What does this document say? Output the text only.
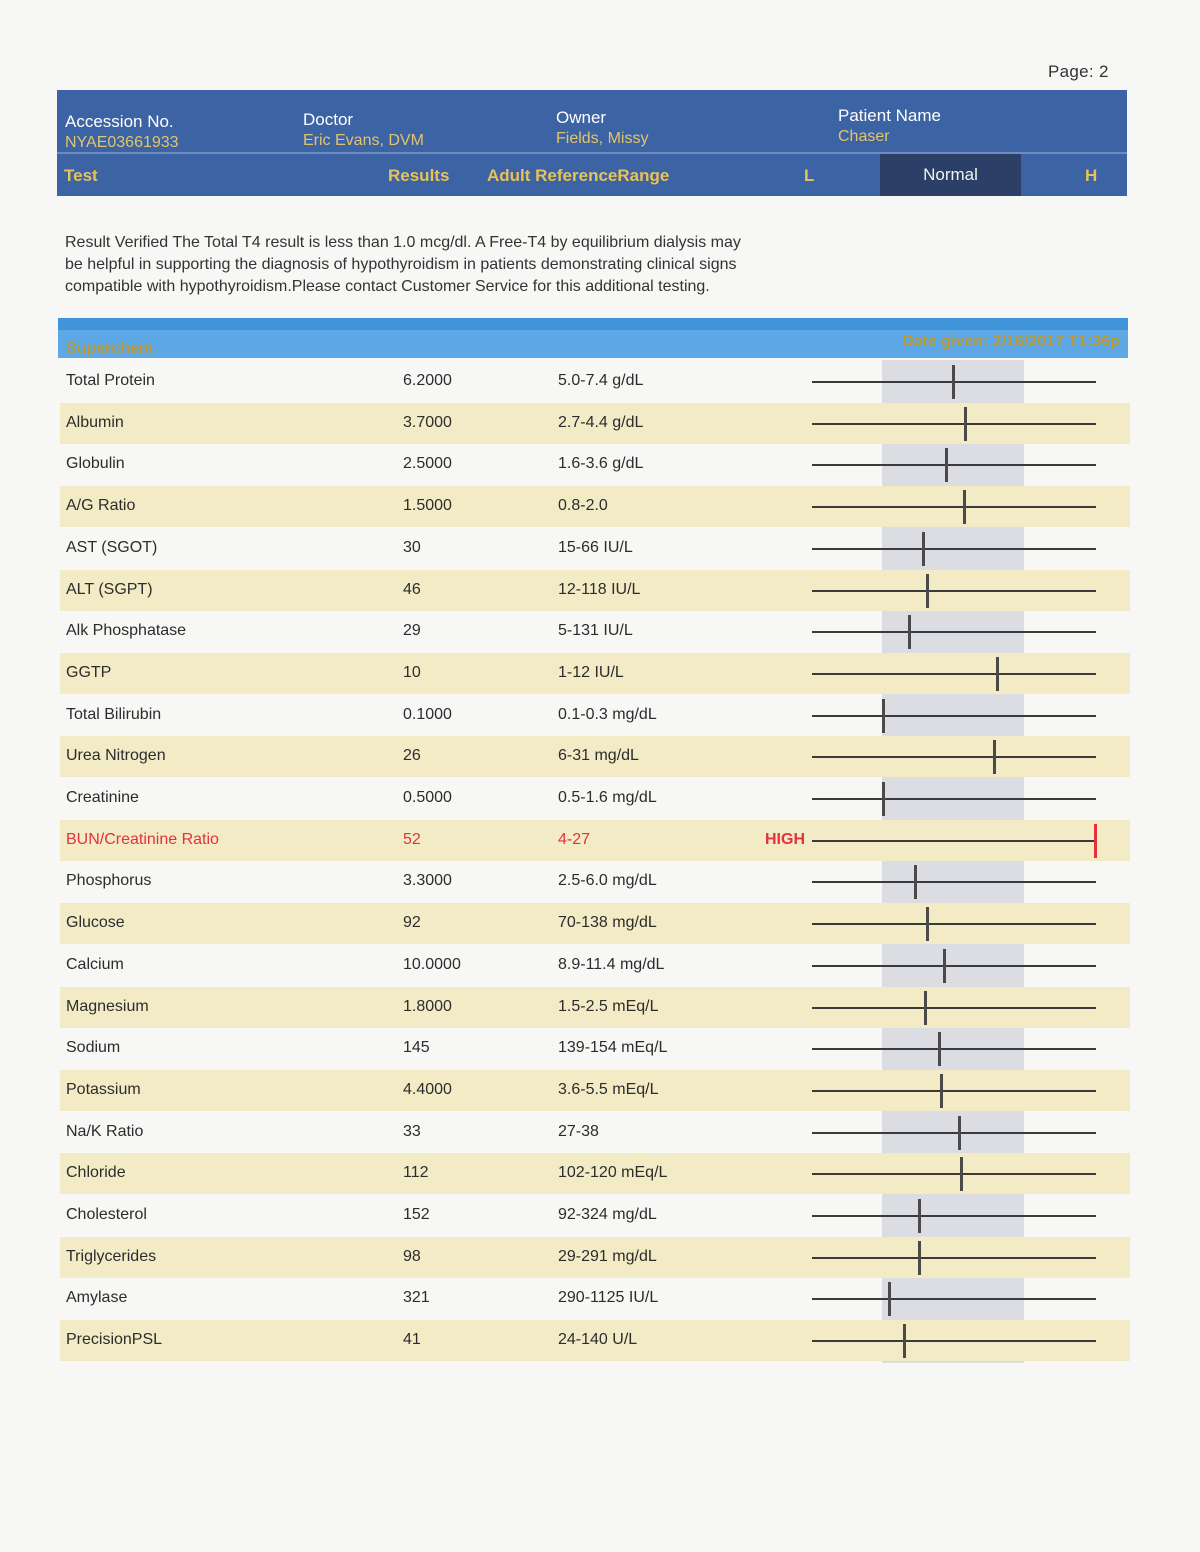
Page: 2
Accession No.
NYAE03661933
Doctor
Eric Evans, DVM
Owner
Fields, Missy
Patient Name
Chaser
Test	Results Adult ReferenceRange	L	Normal	H
Result Verified The Total T4 result is less than 1.0 mcg/dl. A Free-T4 by equilibrium dialysis may be helpful in supporting the diagnosis of hypothyroidism in patients demonstrating clinical signs compatible with hypothyroidism.Please contact Customer Service for this additional testing.
Superchem	Date given: 2/16/2017 T1:36p
Total Protein	6.2000	5.0-7.4 g/dL
Albumin	3.7000	2.7-4.4 g/dL
Globulin	2.5000	1.6-3.6 g/dL
A/G Ratio	1.5000	0.8-2.0
AST (SGOT)	30	15-66 IU/L
ALT (SGPT)	46	12-118 IU/L
Alk Phosphatase	29	5-131 IU/L
GGTP	10	1-12 IU/L
Total Bilirubin	0.1000	0.1-0.3 mg/dL
Urea Nitrogen	26	6-31 mg/dL
Creatinine	0.5000	0.5-1.6 mg/dL
BUN/Creatinine Ratio	52	4-27	HIGH
Phosphorus	3.3000	2.5-6.0 mg/dL
Glucose	92	70-138 mg/dL
Calcium	10.0000	8.9-11.4 mg/dL
Magnesium	1.8000	1.5-2.5 mEq/L
Sodium	145	139-154 mEq/L
Potassium	4.4000	3.6-5.5 mEq/L
Na/K Ratio	33	27-38
Chloride	112	102-120 mEq/L
Cholesterol	152	92-324 mg/dL
Triglycerides	98	29-291 mg/dL
Amylase	321	290-1125 IU/L
PrecisionPSL	41	24-140 U/L
